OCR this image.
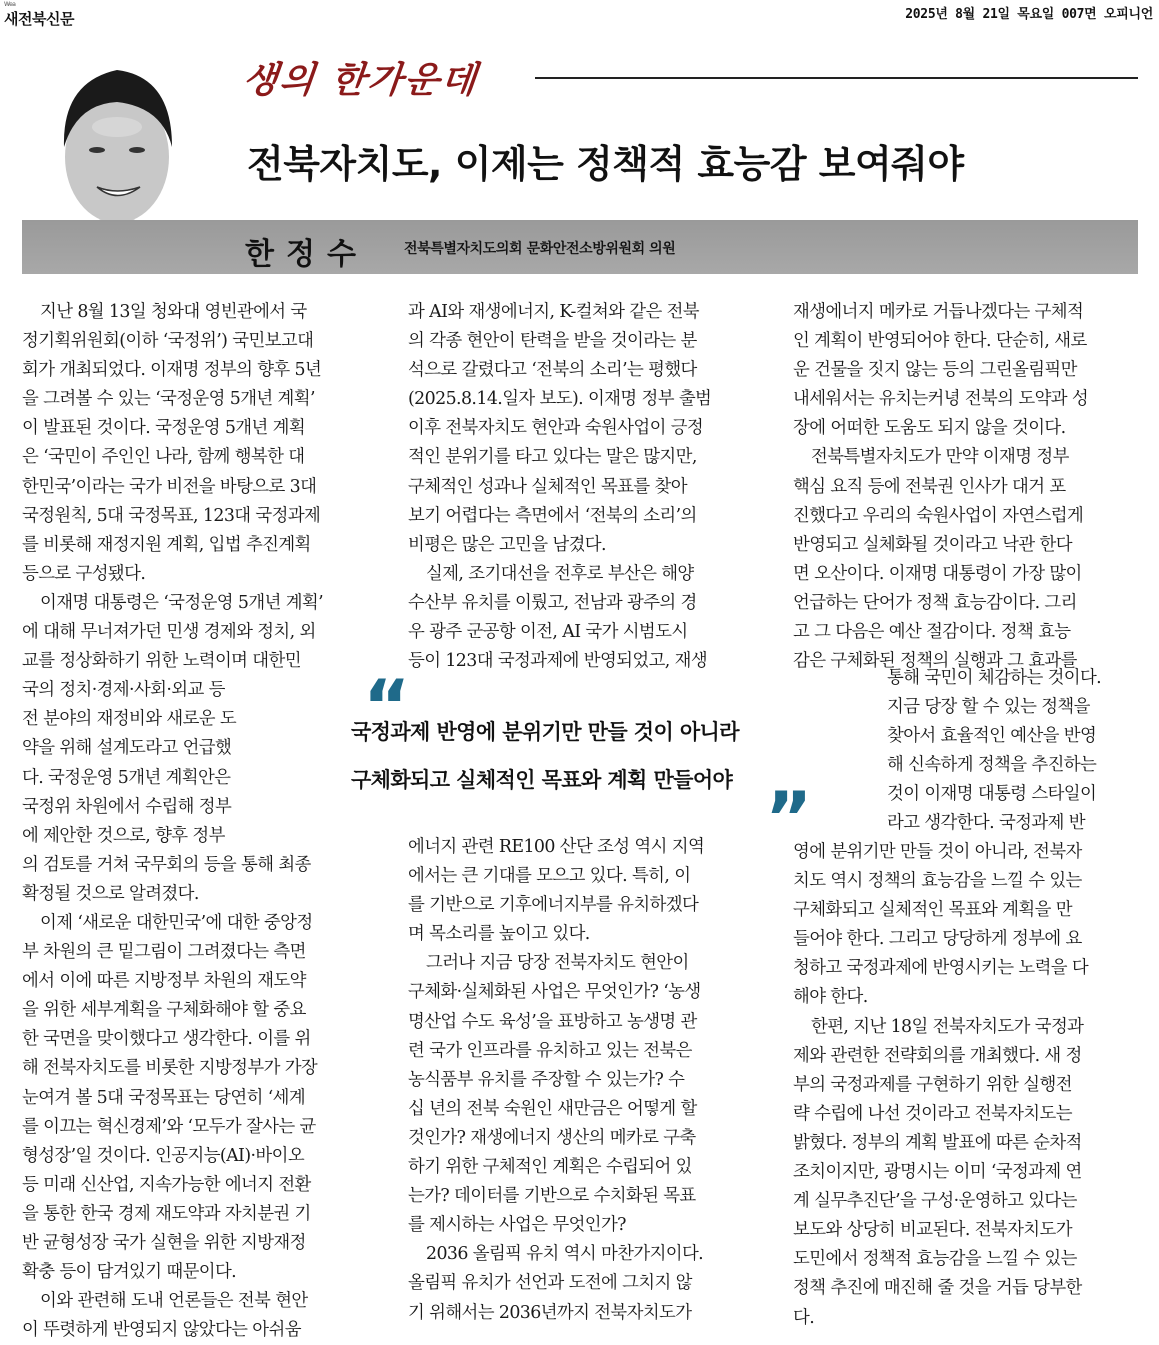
Wea
새전북신문	2025년 8월 21일 목요일 007면 오피니언
생의 한가운데
전북자치도, 이제는 정책적 효능감 보여줘야
한정수	전북특별자치도의회 문화안전소방위원회 의원
지난 8월 13일 청와대 영빈관에서 국
정기획위원회(이하 ‘국정위’) 국민보고대
회가 개최되었다. 이재명 정부의 향후 5년
을 그려볼 수 있는 ‘국정운영 5개년 계획’
이 발표된 것이다. 국정운영 5개년 계획
은 ‘국민이 주인인 나라, 함께 행복한 대
한민국’이라는 국가 비전을 바탕으로 3대
국정원칙, 5대 국정목표, 123대 국정과제
를 비롯해 재정지원 계획, 입법 추진계획
등으로 구성됐다.
이재명 대통령은 ‘국정운영 5개년 계획’
에 대해 무너져가던 민생 경제와 정치, 외
교를 정상화하기 위한 노력이며 대한민
국의 정치·경제·사회·외교 등
전 분야의 재정비와 새로운 도
약을 위해 설계도라고 언급했
다. 국정운영 5개년 계획안은
국정위 차원에서 수립해 정부
에 제안한 것으로, 향후 정부
의 검토를 거쳐 국무회의 등을 통해 최종
확정될 것으로 알려졌다.
이제 ‘새로운 대한민국’에 대한 중앙정
부 차원의 큰 밑그림이 그려졌다는 측면
에서 이에 따른 지방정부 차원의 재도약
을 위한 세부계획을 구체화해야 할 중요
한 국면을 맞이했다고 생각한다. 이를 위
해 전북자치도를 비롯한 지방정부가 가장
눈여겨 볼 5대 국정목표는 당연히 ‘세계
를 이끄는 혁신경제’와 ‘모두가 잘사는 균
형성장’일 것이다. 인공지능(AI)·바이오
등 미래 신산업, 지속가능한 에너지 전환
을 통한 한국 경제 재도약과 자치분권 기
반 균형성장 국가 실현을 위한 지방재정
확충 등이 담겨있기 때문이다.
이와 관련해 도내 언론들은 전북 현안
이 뚜렷하게 반영되지 않았다는 아쉬움
과 AI와 재생에너지, K-컬쳐와 같은 전북
의 각종 현안이 탄력을 받을 것이라는 분
석으로 갈렸다고 ‘전북의 소리’는 평했다
(2025.8.14.일자 보도). 이재명 정부 출범
이후 전북자치도 현안과 숙원사업이 긍정
적인 분위기를 타고 있다는 말은 많지만,
구체적인 성과나 실체적인 목표를 찾아
보기 어렵다는 측면에서 ‘전북의 소리’의
비평은 많은 고민을 남겼다.
실제, 조기대선을 전후로 부산은 해양
수산부 유치를 이뤘고, 전남과 광주의 경
우 광주 군공항 이전, AI 국가 시범도시
등이 123대 국정과제에 반영되었고, 재생
에너지 관련 RE100 산단 조성 역시 지역
에서는 큰 기대를 모으고 있다. 특히, 이
를 기반으로 기후에너지부를 유치하겠다
며 목소리를 높이고 있다.
그러나 지금 당장 전북자치도 현안이
구체화·실체화된 사업은 무엇인가? ‘농생
명산업 수도 육성’을 표방하고 농생명 관
련 국가 인프라를 유치하고 있는 전북은
농식품부 유치를 주장할 수 있는가? 수
십 년의 전북 숙원인 새만금은 어떻게 할
것인가? 재생에너지 생산의 메카로 구축
하기 위한 구체적인 계획은 수립되어 있
는가? 데이터를 기반으로 수치화된 목표
를 제시하는 사업은 무엇인가?
2036 올림픽 유치 역시 마찬가지이다.
올림픽 유치가 선언과 도전에 그치지 않
기 위해서는 2036년까지 전북자치도가
재생에너지 메카로 거듭나겠다는 구체적
인 계획이 반영되어야 한다. 단순히, 새로
운 건물을 짓지 않는 등의 그린올림픽만
내세워서는 유치는커녕 전북의 도약과 성
장에 어떠한 도움도 되지 않을 것이다.
전북특별자치도가 만약 이재명 정부
핵심 요직 등에 전북권 인사가 대거 포
진했다고 우리의 숙원사업이 자연스럽게
반영되고 실체화될 것이라고 낙관 한다
면 오산이다. 이재명 대통령이 가장 많이
언급하는 단어가 정책 효능감이다. 그리
고 그 다음은 예산 절감이다. 정책 효능
감은 구체화된 정책의 실행과 그 효과를
통해 국민이 체감하는 것이다.
지금 당장 할 수 있는 정책을
찾아서 효율적인 예산을 반영
해 신속하게 정책을 추진하는
것이 이재명 대통령 스타일이
라고 생각한다. 국정과제 반
영에 분위기만 만들 것이 아니라, 전북자
치도 역시 정책의 효능감을 느낄 수 있는
구체화되고 실체적인 목표와 계획을 만
들어야 한다. 그리고 당당하게 정부에 요
청하고 국정과제에 반영시키는 노력을 다
해야 한다.
한편, 지난 18일 전북자치도가 국정과
제와 관련한 전략회의를 개최했다. 새 정
부의 국정과제를 구현하기 위한 실행전
략 수립에 나선 것이라고 전북자치도는
밝혔다. 정부의 계획 발표에 따른 순차적
조치이지만, 광명시는 이미 ‘국정과제 연
계 실무추진단’을 구성·운영하고 있다는
보도와 상당히 비교된다. 전북자치도가
도민에서 정책적 효능감을 느낄 수 있는
정책 추진에 매진해 줄 것을 거듭 당부한
다.
“
국정과제 반영에 분위기만 만들 것이 아니라
구체화되고 실체적인 목표와 계획 만들어야 ”
